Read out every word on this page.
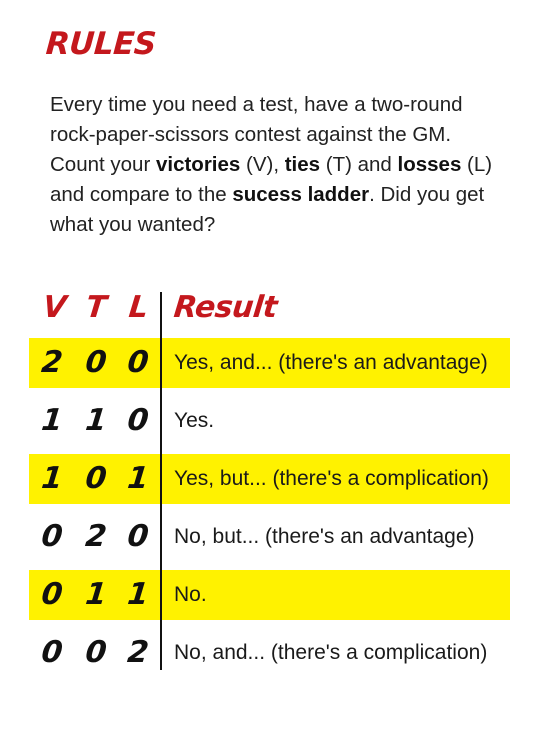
RULES

Every time you need a test, have a two-round rock-paper-scissors contest against the GM. Count your victories (V), ties (T) and losses (L) and compare to the sucess ladder. Did you get what you wanted?

V T L Result
2 0 0 Yes, and... (there's an advantage)
1 1 0 Yes.
1 0 1 Yes, but... (there's a complication)
0 2 0 No, but... (there's an advantage)
0 1 1 No.
0 0 2 No, and... (there's a complication)
